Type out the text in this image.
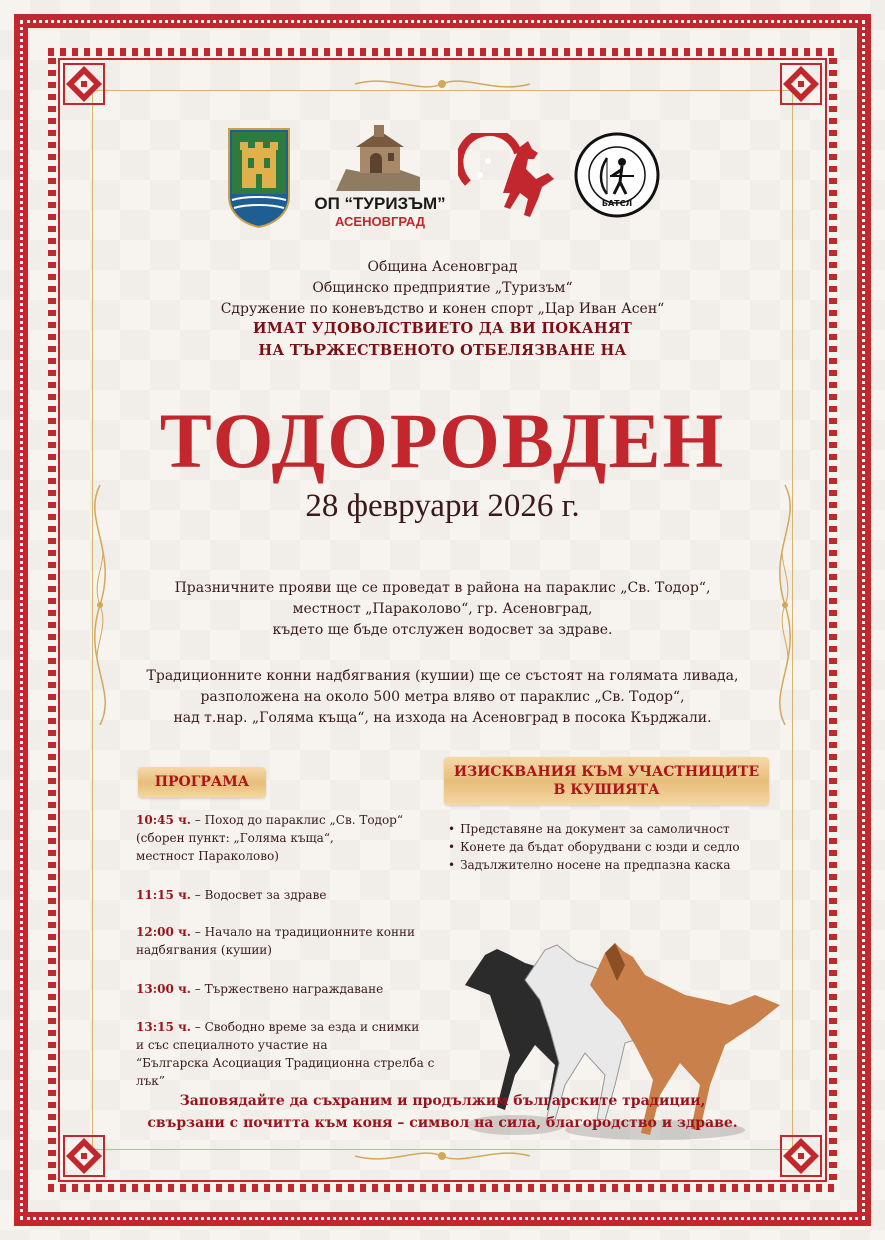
ОП “ТУРИЗЪМ”
АСЕНОВГРАД
БАТСЛ
Община Асеновград
Общинско предприятие „Туризъм“
Сдружение по коневъдство и конен спорт „Цар Иван Асен“
ИМАТ УДОВОЛСТВИЕТО ДА ВИ ПОКАНЯТ
НА ТЪРЖЕСТВЕНОТО ОТБЕЛЯЗВАНЕ НА
ТОДОРОВДЕН
28 февруари 2026 г.
Празничните прояви ще се проведат в района на параклис „Св. Тодор“,
местност „Параколово“, гр. Асеновград,
където ще бъде отслужен водосвет за здраве.
Традиционните конни надбягвания (кушии) ще се състоят на голямата ливада,
разположена на около 500 метра вляво от параклис „Св. Тодор“,
над т.нар. „Голяма къща“, на изхода на Асеновград в посока Кърджали.
ПРОГРАМА
ИЗИСКВАНИЯ КЪМ УЧАСТНИЦИТЕ
В КУШИЯТА
10:45 ч. – Поход до параклис „Св. Тодор“
(сборен пункт: „Голяма къща“,
местност Параколово)
11:15 ч. – Водосвет за здраве
12:00 ч. – Начало на традиционните конни
надбягвания (кушии)
13:00 ч. – Тържествено награждаване
13:15 ч. – Свободно време за езда и снимки
и със специалното участие на
“Българска Асоциация Традиционна стрелба с лък”
• Представяне на документ за самоличност
• Конете да бъдат оборудвани с юзди и седло
• Задължително носене на предпазна каска
Заповядайте да съхраним и продължим българските традиции,
свързани с почитта към коня – символ на сила, благородство и здраве.
